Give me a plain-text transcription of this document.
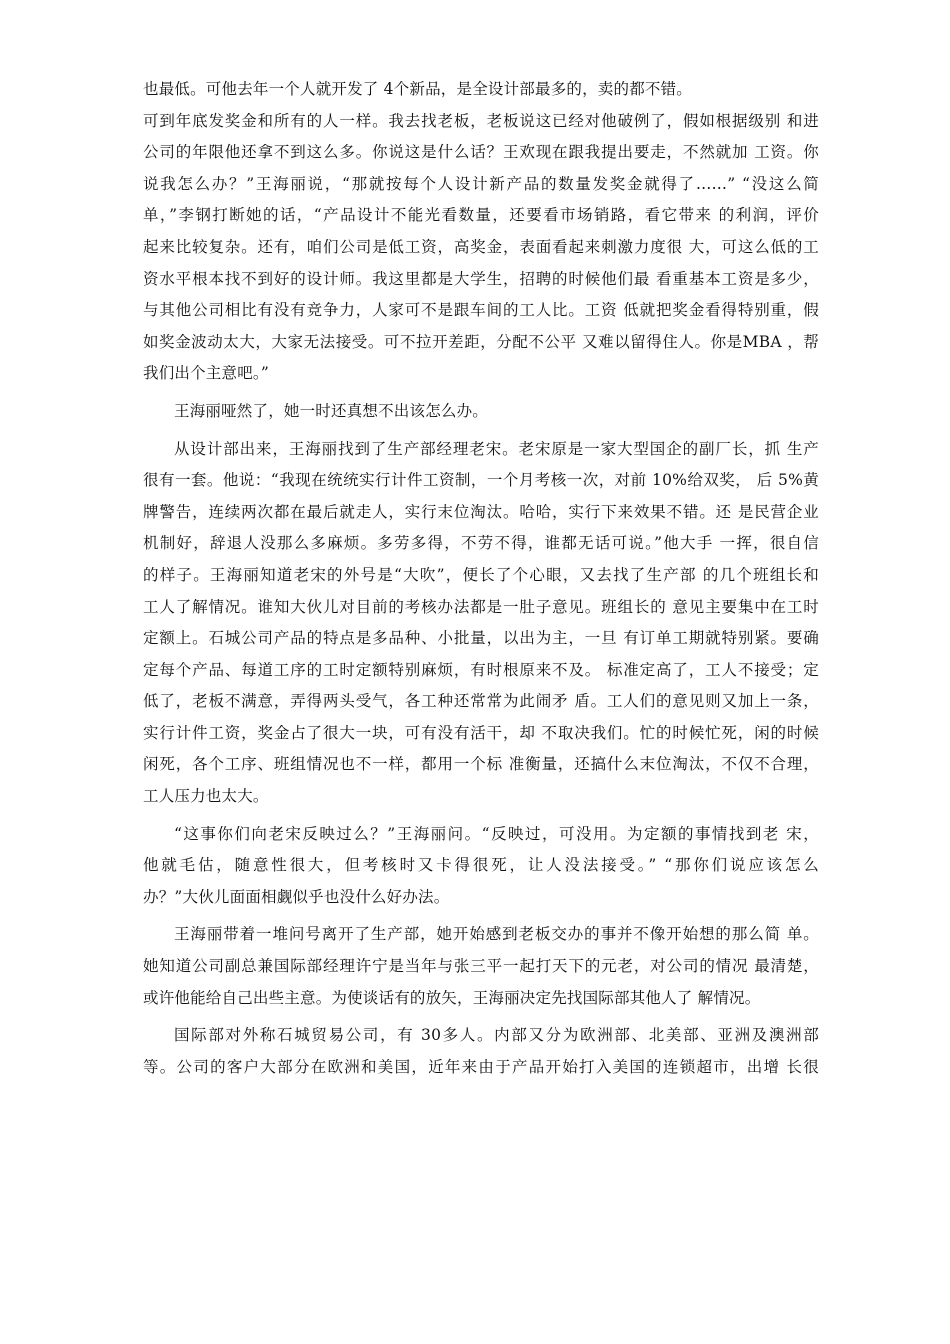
也最低。可他去年一个人就开发了 4个新品，是全设计部最多的，卖的都不错。
可到年底发奖金和所有的人一样。我去找老板，老板说这已经对他破例了，假如根据级别 和进
公司的年限他还拿不到这么多。你说这是什么话？王欢现在跟我提出要走，不然就加 工资。你
说我怎么办？”王海丽说，“那就按每个人设计新产品的数量发奖金就得了……” “没这么简
单，”李钢打断她的话，“产品设计不能光看数量，还要看市场销路，看它带来 的利润，评价
起来比较复杂。还有，咱们公司是低工资，高奖金，表面看起来刺激力度很 大，可这么低的工
资水平根本找不到好的设计师。我这里都是大学生，招聘的时候他们最 看重基本工资是多少，
与其他公司相比有没有竞争力，人家可不是跟车间的工人比。工资 低就把奖金看得特别重，假
如奖金波动太大，大家无法接受。可不拉开差距，分配不公平 又难以留得住人。你是MBA ，帮
我们出个主意吧。”
王海丽哑然了，她一时还真想不出该怎么办。
从设计部出来，王海丽找到了生产部经理老宋。老宋原是一家大型国企的副厂长，抓 生产
很有一套。他说：“我现在统统实行计件工资制，一个月考核一次，对前 10%给双奖， 后 5%黄
牌警告，连续两次都在最后就走人，实行末位淘汰。哈哈，实行下来效果不错。还 是民营企业
机制好，辞退人没那么多麻烦。多劳多得，不劳不得，谁都无话可说。”他大手 一挥，很自信
的样子。王海丽知道老宋的外号是“大吹”，便长了个心眼，又去找了生产部 的几个班组长和
工人了解情况。谁知大伙儿对目前的考核办法都是一肚子意见。班组长的 意见主要集中在工时
定额上。石城公司产品的特点是多品种、小批量，以出为主，一旦 有订单工期就特别紧。要确
定每个产品、每道工序的工时定额特别麻烦，有时根原来不及。 标准定高了，工人不接受；定
低了，老板不满意，弄得两头受气，各工种还常常为此闹矛 盾。工人们的意见则又加上一条，
实行计件工资，奖金占了很大一块，可有没有活干，却 不取决我们。忙的时候忙死，闲的时候
闲死，各个工序、班组情况也不一样，都用一个标 准衡量，还搞什么末位淘汰，不仅不合理，
工人压力也太大。
“这事你们向老宋反映过么？”王海丽问。“反映过，可没用。为定额的事情找到老 宋，
他就毛估，随意性很大，但考核时又卡得很死，让人没法接受。” “那你们说应该怎么
办？”大伙儿面面相觑似乎也没什么好办法。
王海丽带着一堆问号离开了生产部，她开始感到老板交办的事并不像开始想的那么简 单。
她知道公司副总兼国际部经理许宁是当年与张三平一起打天下的元老，对公司的情况 最清楚，
或许他能给自己出些主意。为使谈话有的放矢，王海丽决定先找国际部其他人了 解情况。
国际部对外称石城贸易公司，有 30多人。内部又分为欧洲部、北美部、亚洲及澳洲部
等。公司的客户大部分在欧洲和美国，近年来由于产品开始打入美国的连锁超市，出增 长很
